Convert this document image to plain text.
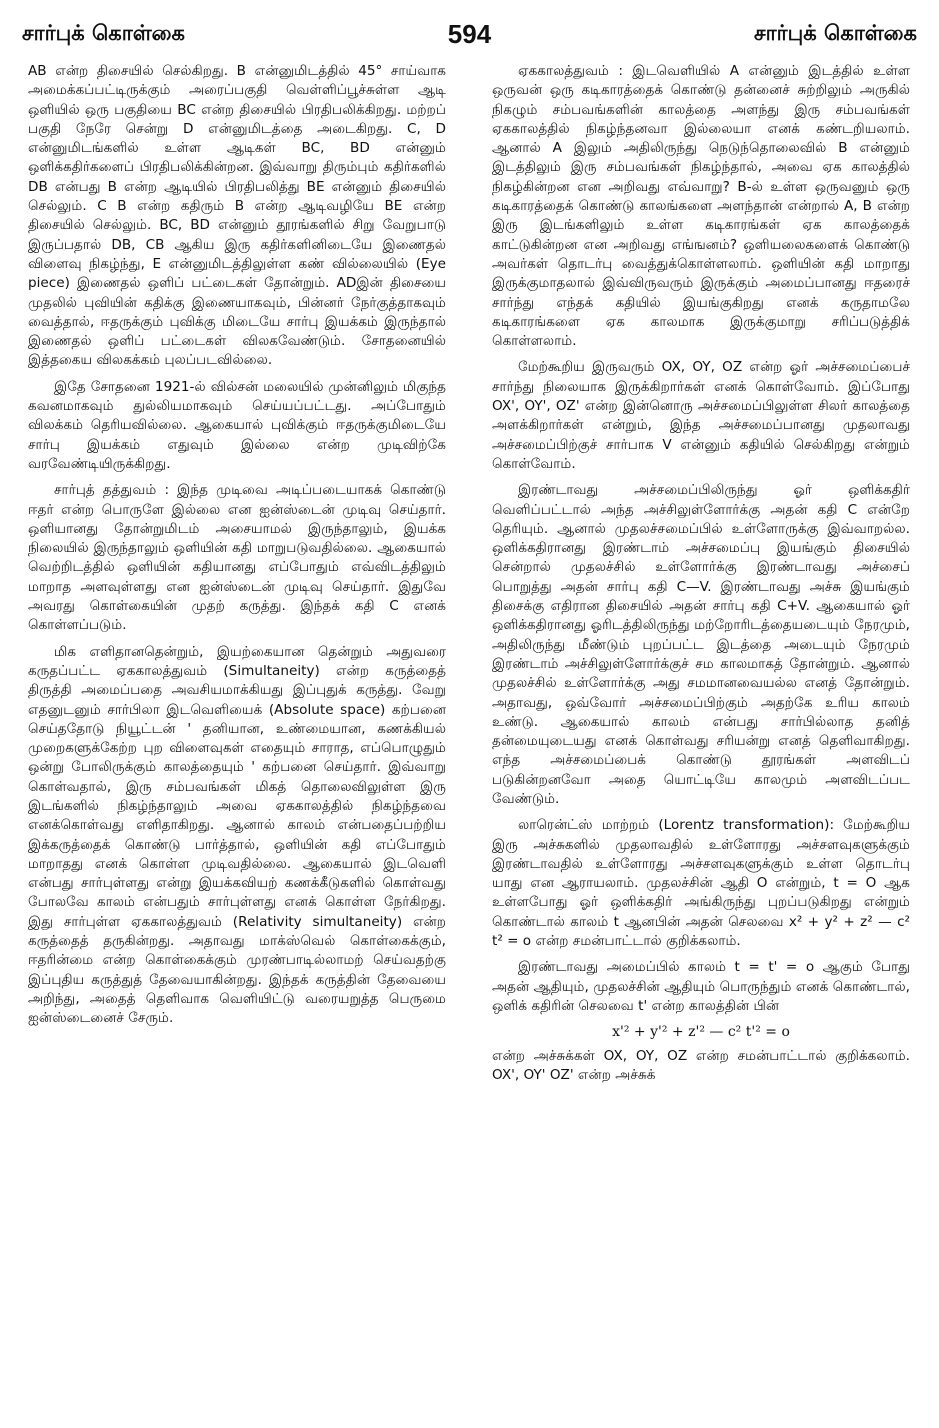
சார்புக் கொள்கை	594	சார்புக் கொள்கை

AB என்ற திசையில் செல்கிறது. B என்னுமிடத்தில் 45° சாய்வாக அமைக்கப்பட்டிருக்கும் அரைப்பகுதி வெள்ளிப்பூச்சுள்ள ஆடி ஒளியில் ஒரு பகுதியை BC என்ற திசையில் பிரதிபலிக்கிறது. மற்றப் பகுதி நேரே சென்று D என்னுமிடத்தை அடைகிறது. C, D என்னுமிடங்களில் உள்ள ஆடிகள் BC, BD என்னும் ஒளிக்கதிர்களைப் பிரதிபலிக்கின்றன. இவ்வாறு திரும்பும் கதிர்களில் DB என்பது B என்ற ஆடியில் பிரதிபலித்து BE என்னும் திசையில் செல்லும். C B என்ற கதிரும் B என்ற ஆடிவழியே BE என்ற திசையில் செல்லும். BC, BD என்னும் தூரங்களில் சிறு வேறுபாடு இருப்பதால் DB, CB ஆகிய இரு கதிர்களினிடையே இணைதல் விளைவு நிகழ்ந்து, E என்னுமிடத்திலுள்ள கண் வில்லையில் (Eye piece) இணைதல் ஒளிப் பட்டைகள் தோன்றும். ADஇன் திசையை முதலில் புவியின் கதிக்கு இணையாகவும், பின்னர் நேர்குத்தாகவும் வைத்தால், ஈதருக்கும் புவிக்கு மிடையே சார்பு இயக்கம் இருந்தால் இணைதல் ஒளிப் பட்டைகள் விலகவேண்டும். சோதனையில் இத்தகைய விலகக்கம் புலப்படவில்லை.

இதே சோதனை 1921-ல் வில்சன் மலையில் முன்னிலும் மிகுந்த கவனமாகவும் துல்லியமாகவும் செய்யப்பட்டது. அப்போதும் விலக்கம் தெரியவில்லை. ஆகையால் புவிக்கும் ஈதருக்குமிடையே சார்பு இயக்கம் எதுவும் இல்லை என்ற முடிவிற்கே வரவேண்டியிருக்கிறது.

சார்புத் தத்துவம் : இந்த முடிவை அடிப்படையாகக் கொண்டு ஈதர் என்ற பொருளே இல்லை என ஐன்ஸ்டைன் முடிவு செய்தார். ஒளியானது தோன்றுமிடம் அசையாமல் இருந்தாலும், இயக்க நிலையில் இருந்தாலும் ஒளியின் கதி மாறுபடுவதில்லை. ஆகையால் வெற்றிடத்தில் ஒளியின் கதியானது எப்போதும் எவ்விடத்திலும் மாறாத அளவுள்ளது என ஐன்ஸ்டைன் முடிவு செய்தார். இதுவே அவரது கொள்கையின் முதற் கருத்து. இந்தக் கதி C எனக் கொள்ளப்படும்.

மிக எளிதானதென்றும், இயற்கையான தென்றும் அதுவரை கருதப்பட்ட ஏககாலத்துவம் (Simultaneity) என்ற கருத்தைத் திருத்தி அமைப்பதை அவசியமாக்கியது இப்புதுக் கருத்து. வேறு எதனுடனும் சார்பிலா இடவெளியைக் (Absolute space) கற்பனை செய்ததோடு நியூட்டன் ' தனியான, உண்மையான, கணக்கியல் முறைகளுக்கேற்ற புற விளைவுகள் எதையும் சாராத, எப்பொழுதும் ஒன்று போலிருக்கும் காலத்தையும் ' கற்பனை செய்தார். இவ்வாறு கொள்வதால், இரு சம்பவங்கள் மிகத் தொலைவிலுள்ள இரு இடங்களில் நிகழ்ந்தாலும் அவை ஏககாலத்தில் நிகழ்ந்தவை எனக்கொள்வது எளிதாகிறது. ஆனால் காலம் என்பதைப்பற்றிய இக்கருத்தைக் கொண்டு பார்த்தால், ஒளியின் கதி எப்போதும் மாறாதது எனக் கொள்ள முடிவதில்லை. ஆகையால் இடவெளி என்பது சார்புள்ளது என்று இயக்கவியற் கணக்கீடுகளில் கொள்வது போலவே காலம் என்பதும் சார்புள்ளது எனக் கொள்ள நேர்கிறது. இது சார்புள்ள ஏககாலத்துவம் (Relativity simultaneity) என்ற கருத்தைத் தருகின்றது. அதாவது மாக்ஸ்வெல் கொள்கைக்கும், ஈதரின்மை என்ற கொள்கைக்கும் முரண்பாடில்லாமற் செய்வதற்கு இப்புதிய கருத்துத் தேவையாகின்றது. இந்தக் கருத்தின் தேவையை அறிந்து, அதைத் தெளிவாக வெளியிட்டு வரையறுத்த பெருமை ஐன்ஸ்டைனைச் சேரும்.

ஏககாலத்துவம் : இடவெளியில் A என்னும் இடத்தில் உள்ள ஒருவன் ஒரு கடிகாரத்தைக் கொண்டு தன்னைச் சுற்றிலும் அருகில் நிகழும் சம்பவங்களின் காலத்தை அளந்து இரு சம்பவங்கள் ஏககாலத்தில் நிகழ்ந்தனவா இல்லையா எனக் கண்டறியலாம். ஆனால் A இலும் அதிலிருந்து நெடுந்தொலைவில் B என்னும் இடத்திலும் இரு சம்பவங்கள் நிகழ்ந்தால், அவை ஏக காலத்தில் நிகழ்கின்றன என அறிவது எவ்வாறு? B-ல் உள்ள ஒருவனும் ஒரு கடிகாரத்தைக் கொண்டு காலங்களை அளந்தான் என்றால் A, B என்ற இரு இடங்களிலும் உள்ள கடிகாரங்கள் ஏக காலத்தைக் காட்டுகின்றன என அறிவது எங்ஙனம்? ஒளியலைகளைக் கொண்டு அவர்கள் தொடர்பு வைத்துக்கொள்ளலாம். ஒளியின் கதி மாறாது இருக்குமாதலால் இவ்விருவரும் இருக்கும் அமைப்பானது ஈதரைச் சார்ந்து எந்தக் கதியில் இயங்குகிறது எனக் கருதாமலே கடிகாரங்களை ஏக காலமாக இருக்குமாறு சரிப்படுத்திக் கொள்ளலாம்.

மேற்கூறிய இருவரும் OX, OY, OZ என்ற ஓர் அச்சமைப்பைச் சார்ந்து நிலையாக இருக்கிறார்கள் எனக் கொள்வோம். இப்போது OX', OY', OZ' என்ற இன்னொரு அச்சமைப்பிலுள்ள சிலர் காலத்தை அளக்கிறார்கள் என்றும், இந்த அச்சமைப்பானது முதலாவது அச்சமைப்பிற்குச் சார்பாக V என்னும் கதியில் செல்கிறது என்றும் கொள்வோம்.

இரண்டாவது அச்சமைப்பிலிருந்து ஓர் ஒளிக்கதிர் வெளிப்பட்டால் அந்த அச்சிலுள்ளோர்க்கு அதன் கதி C என்றே தெரியும். ஆனால் முதலச்சமைப்பில் உள்ளோருக்கு இவ்வாறல்ல. ஒளிக்கதிரானது இரண்டாம் அச்சமைப்பு இயங்கும் திசையில் சென்றால் முதலச்சில் உள்ளோர்க்கு இரண்டாவது அச்சைப் பொறுத்து அதன் சார்பு கதி C—V. இரண்டாவது அச்சு இயங்கும் திசைக்கு எதிரான திசையில் அதன் சார்பு கதி C+V. ஆகையால் ஓர் ஒளிக்கதிரானது ஓரிடத்திலிருந்து மற்றோரிடத்தையடையும் நேரமும், அதிலிருந்து மீண்டும் புறப்பட்ட இடத்தை அடையும் நேரமும் இரண்டாம் அச்சிலுள்ளோர்க்குச் சம காலமாகத் தோன்றும். ஆனால் முதலச்சில் உள்ளோர்க்கு அது சமமானவையல்ல எனத் தோன்றும். அதாவது, ஒவ்வோர் அச்சமைப்பிற்கும் அதற்கே உரிய காலம் உண்டு. ஆகையால் காலம் என்பது சார்பில்லாத தனித் தன்மையுடையது எனக் கொள்வது சரியன்று எனத் தெளிவாகிறது. எந்த அச்சமைப்பைக் கொண்டு தூரங்கள் அளவிடப் படுகின்றனவோ அதை யொட்டியே காலமும் அளவிடப்பட வேண்டும்.

லாரென்ட்ஸ் மாற்றம் (Lorentz transformation): மேற்கூறிய இரு அச்சுகளில் முதலாவதில் உள்ளோரது அச்சளவுகளுக்கும் இரண்டாவதில் உள்ளோரது அச்சளவுகளுக்கும் உள்ள தொடர்பு யாது என ஆராயலாம். முதலச்சின் ஆதி O என்றும், t = O ஆக உள்ளபோது ஓர் ஒளிக்கதிர் அங்கிருந்து புறப்படுகிறது என்றும் கொண்டால் காலம் t ஆனபின் அதன் செலவை x² + y² + z² — c² t² = o என்ற சமன்பாட்டால் குறிக்கலாம்.

இரண்டாவது அமைப்பில் காலம் t = t' = o ஆகும் போது அதன் ஆதியும், முதலச்சின் ஆதியும் பொருந்தும் எனக் கொண்டால், ஒளிக் கதிரின் செலவை t' என்ற காலத்தின் பின்

x'² + y'² + z'² — c² t'² = o

என்ற அச்சுக்கள் OX, OY, OZ என்ற சமன்பாட்டால் குறிக்கலாம். OX', OY' OZ' என்ற அச்சுக்
